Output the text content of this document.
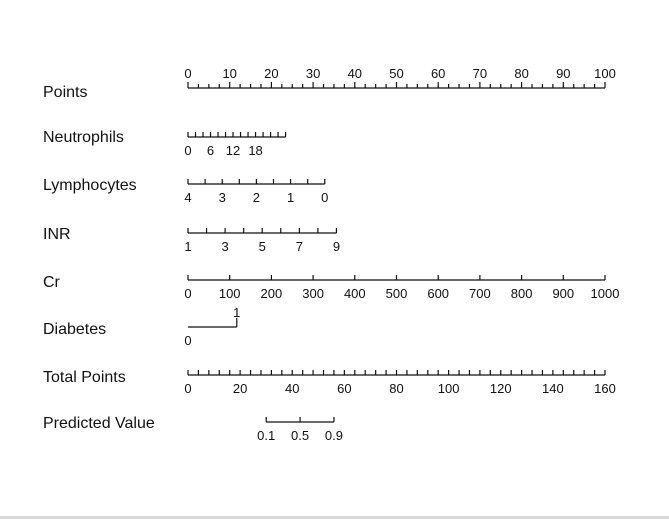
Points
0 10 20 30 40 50 60 70 80 90 100
Neutrophils
0 6 12 18
Lymphocytes
4 3 2 1 0
INR
1 3 5 7 9
Cr
0 100 200 300 400 500 600 700 800 900 1000
Diabetes
0
1
Total Points
0	20	40	60	80	100 120 140 160
Predicted Value
0.1 0.5 0.9
